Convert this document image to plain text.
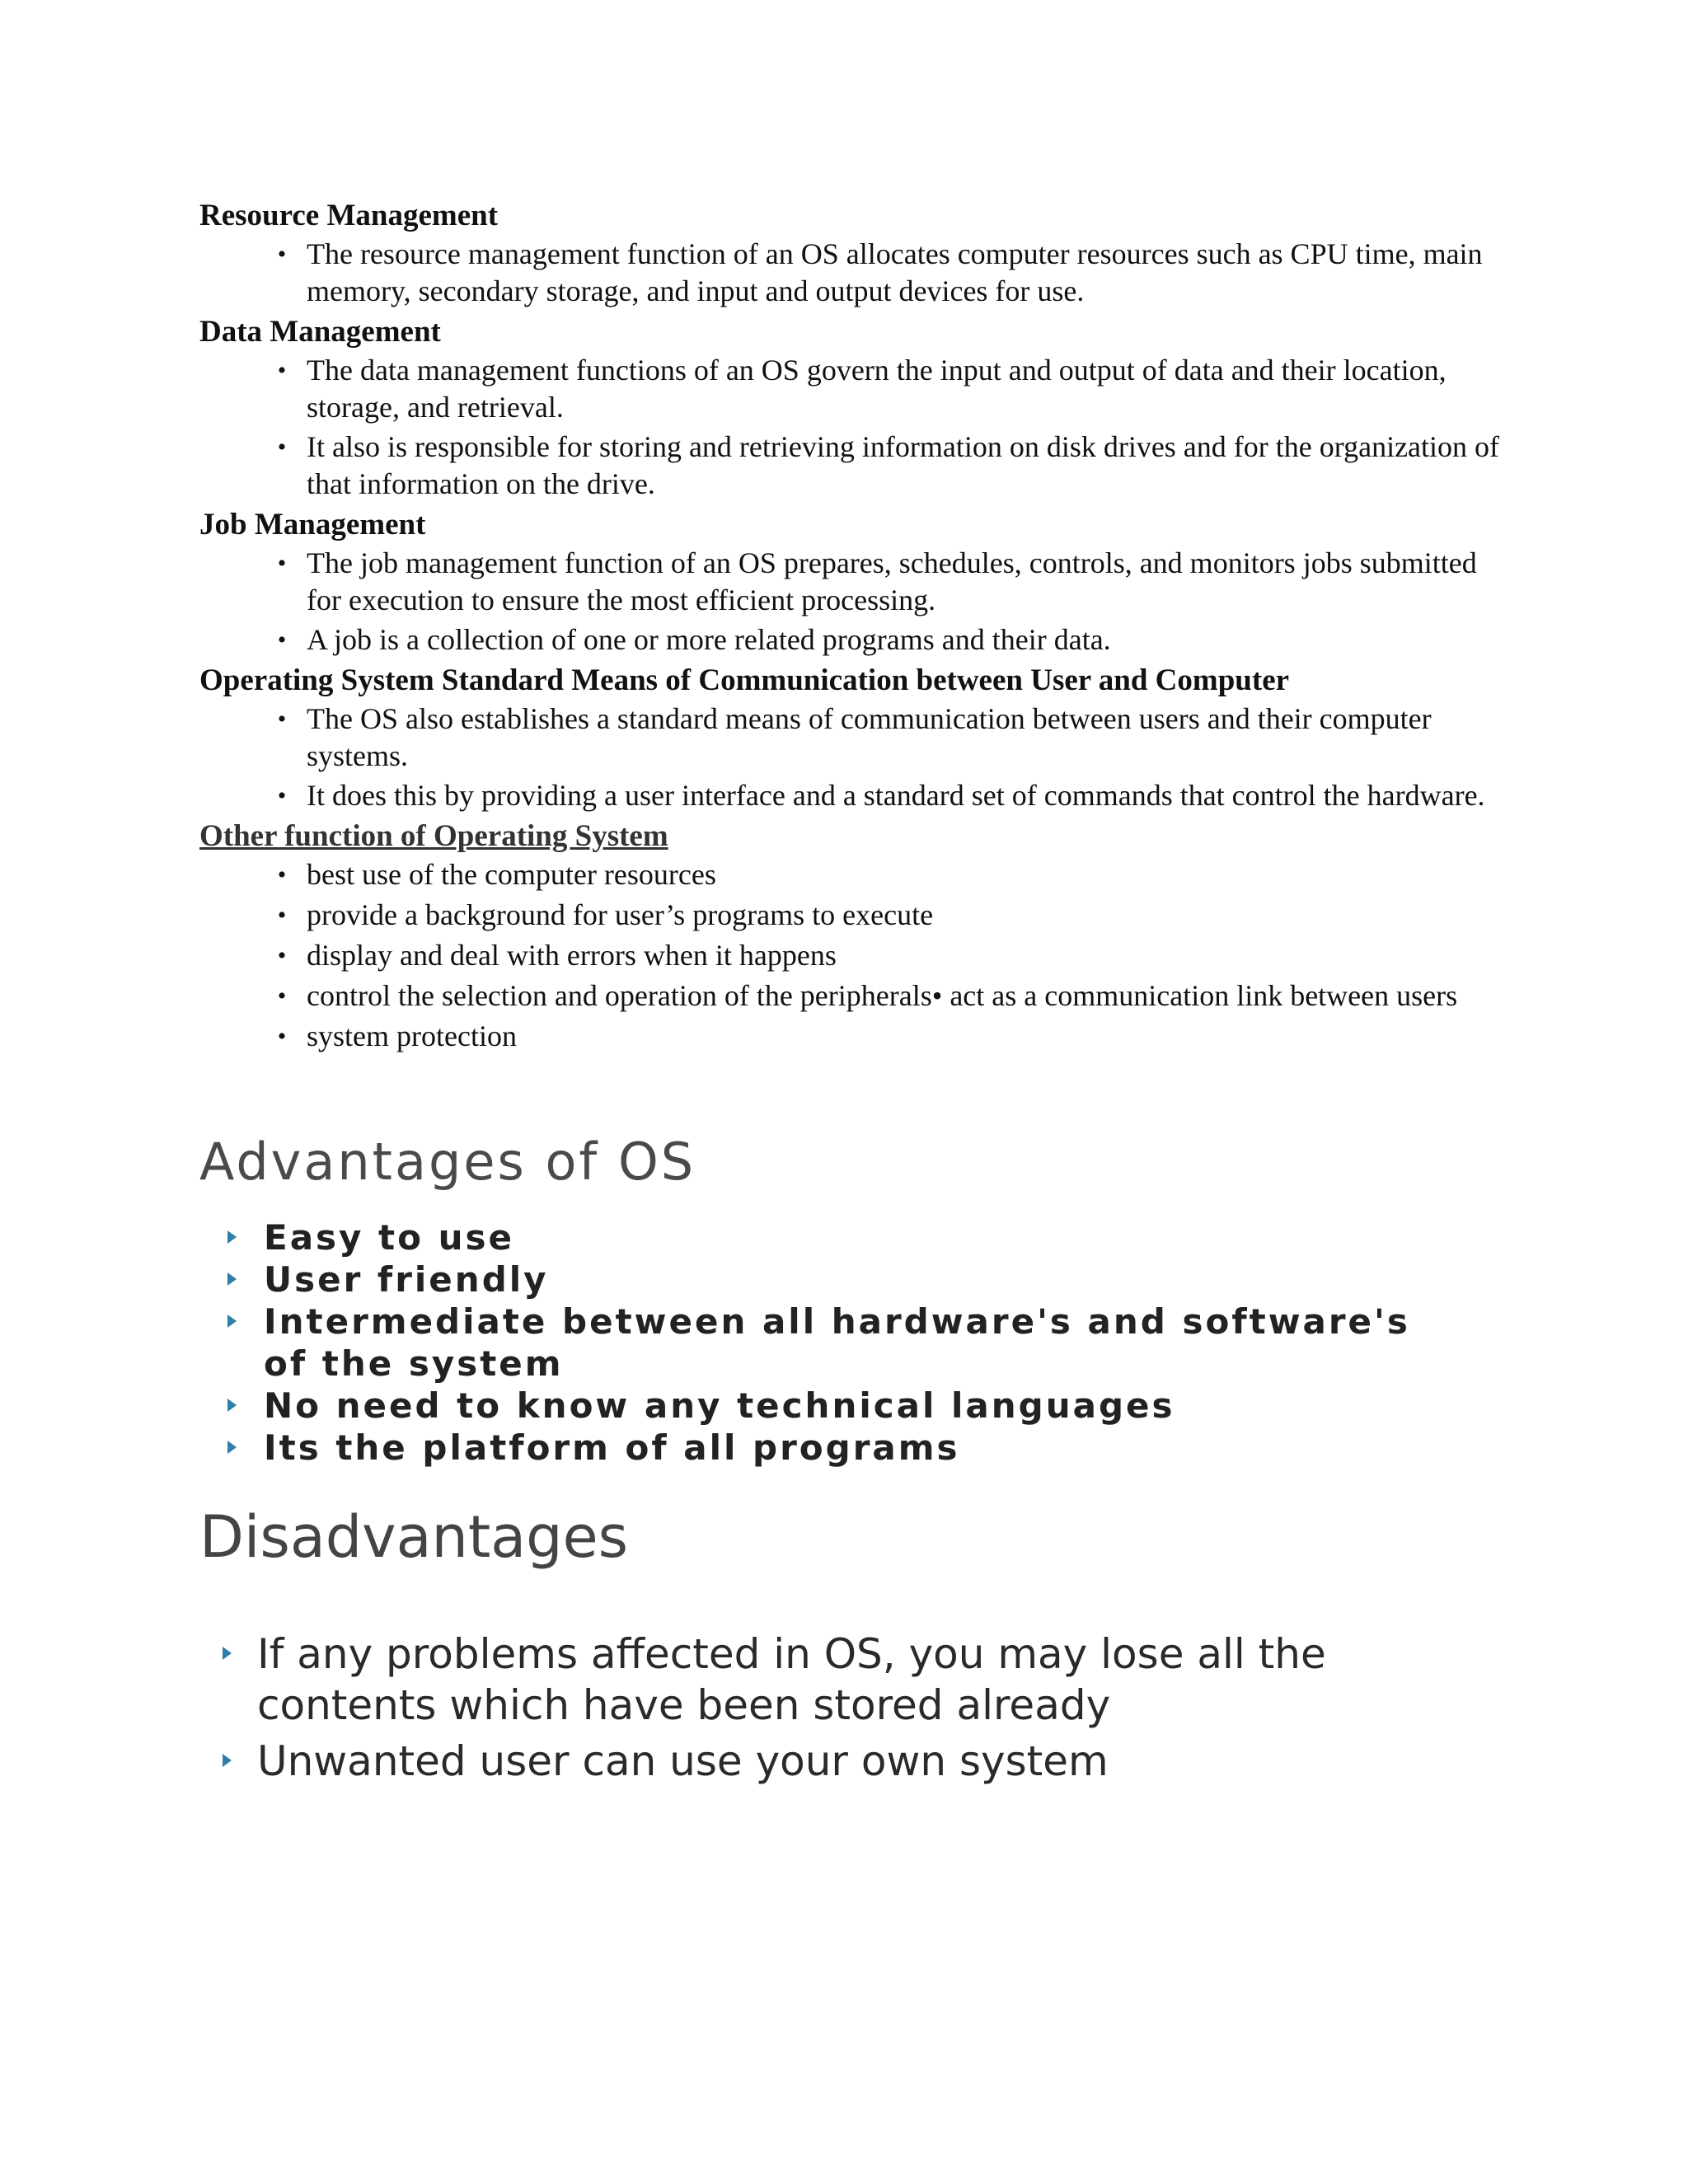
Resource Management

• The resource management function of an OS allocates computer resources such as CPU time, main memory, secondary storage, and input and output devices for use.

Data Management

• The data management functions of an OS govern the input and output of data and their location, storage, and retrieval.
• It also is responsible for storing and retrieving information on disk drives and for the organization of that information on the drive.

Job Management

• The job management function of an OS prepares, schedules, controls, and monitors jobs submitted for execution to ensure the most efficient processing.
• A job is a collection of one or more related programs and their data.

Operating System Standard Means of Communication between User and Computer

• The OS also establishes a standard means of communication between users and their computer systems.
• It does this by providing a user interface and a standard set of commands that control the hardware.

Other function of Operating System

• best use of the computer resources
• provide a background for user’s programs to execute
• display and deal with errors when it happens
• control the selection and operation of the peripherals• act as a communication link between users
• system protection
Advantages of OS
Easy to use
User friendly
Intermediate between all hardware's and software's of the system
No need to know any technical languages
Its the platform of all programs
Disadvantages
If any problems affected in OS, you may lose all the contents which have been stored already
Unwanted user can use your own system
